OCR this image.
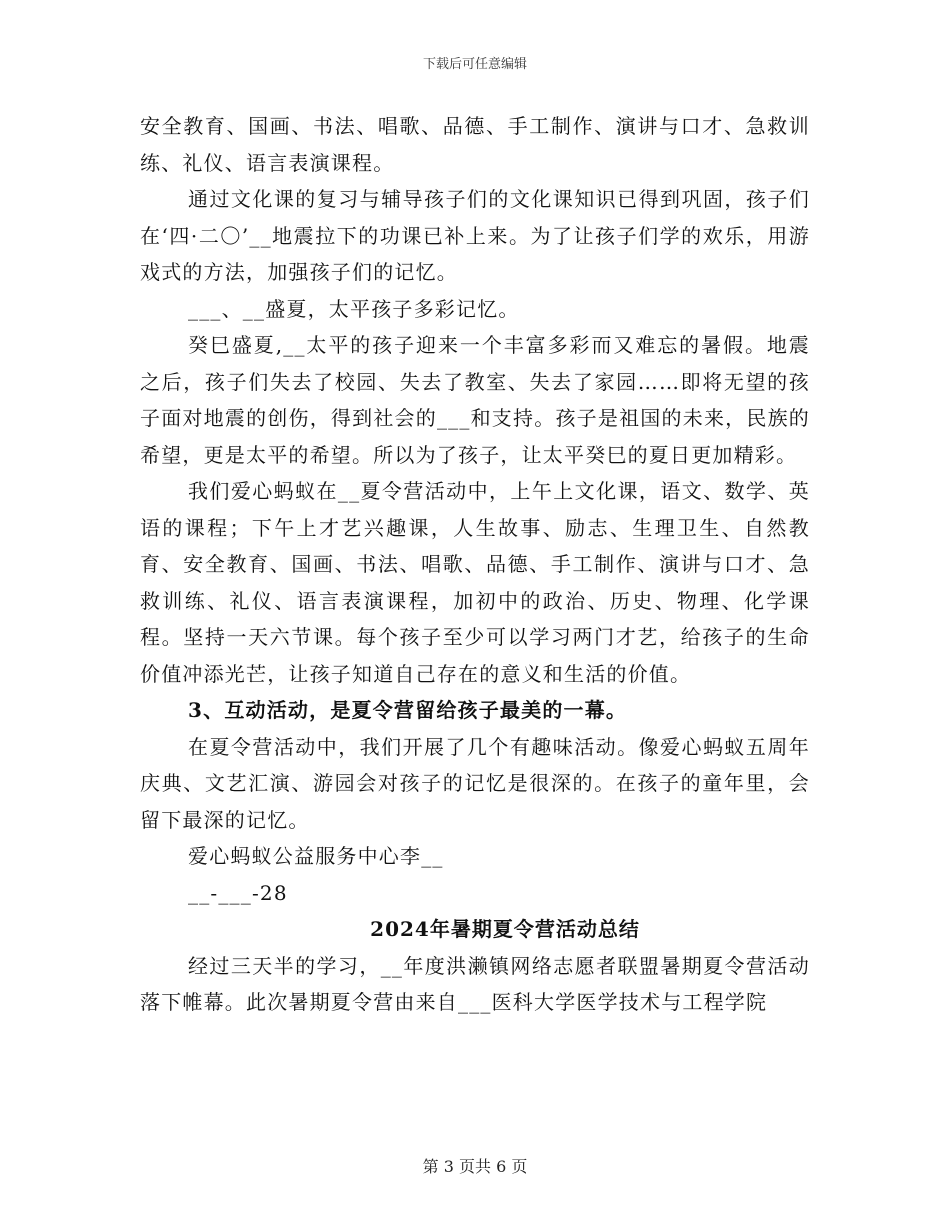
下载后可任意编辑

安全教育、国画、书法、唱歌、品德、手工制作、演讲与口才、急救训练、礼仪、语言表演课程。

通过文化课的复习与辅导孩子们的文化课知识已得到巩固，孩子们在‘四·二〇’__地震拉下的功课已补上来。为了让孩子们学的欢乐，用游戏式的方法，加强孩子们的记忆。

___、__盛夏，太平孩子多彩记忆。

癸巳盛夏,__太平的孩子迎来一个丰富多彩而又难忘的暑假。地震之后，孩子们失去了校园、失去了教室、失去了家园……即将无望的孩子面对地震的创伤，得到社会的___和支持。孩子是祖国的未来，民族的希望，更是太平的希望。所以为了孩子，让太平癸巳的夏日更加精彩。

我们爱心蚂蚁在__夏令营活动中，上午上文化课，语文、数学、英语的课程；下午上才艺兴趣课，人生故事、励志、生理卫生、自然教育、安全教育、国画、书法、唱歌、品德、手工制作、演讲与口才、急救训练、礼仪、语言表演课程，加初中的政治、历史、物理、化学课程。坚持一天六节课。每个孩子至少可以学习两门才艺，给孩子的生命价值冲添光芒，让孩子知道自己存在的意义和生活的价值。

3、互动活动，是夏令营留给孩子最美的一幕。

在夏令营活动中，我们开展了几个有趣味活动。像爱心蚂蚁五周年庆典、文艺汇演、游园会对孩子的记忆是很深的。在孩子的童年里，会留下最深的记忆。

爱心蚂蚁公益服务中心李__

__-___-28

2024年暑期夏令营活动总结

经过三天半的学习，__年度洪濑镇网络志愿者联盟暑期夏令营活动落下帷幕。此次暑期夏令营由来自___医科大学医学技术与工程学院

第 3 页共 6 页
